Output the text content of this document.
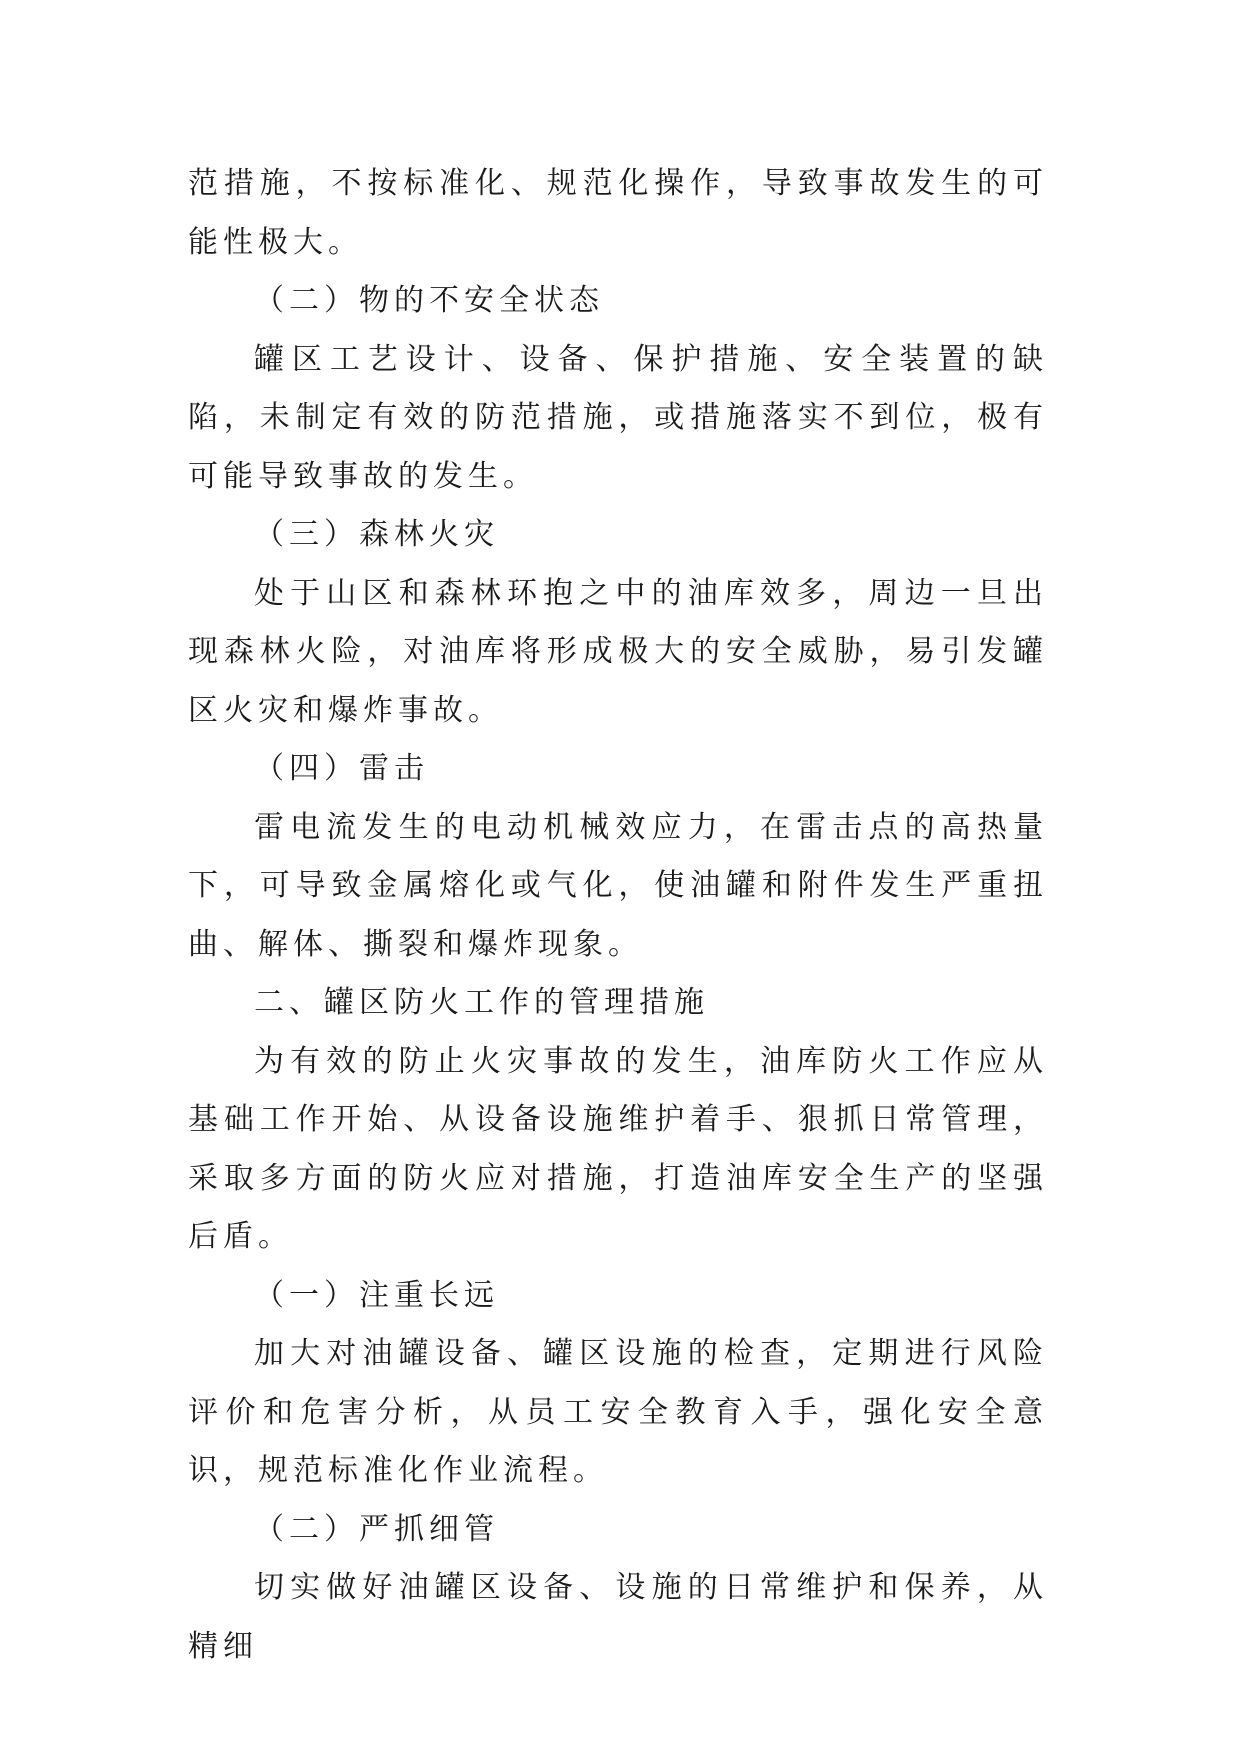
范措施，不按标准化、规范化操作，导致事故发生的可能性极大。

（二）物的不安全状态

罐区工艺设计、设备、保护措施、安全装置的缺陷，未制定有效的防范措施，或措施落实不到位，极有可能导致事故的发生。

（三）森林火灾

处于山区和森林环抱之中的油库效多，周边一旦出现森林火险，对油库将形成极大的安全威胁，易引发罐区火灾和爆炸事故。

（四）雷击

雷电流发生的电动机械效应力，在雷击点的高热量下，可导致金属熔化或气化，使油罐和附件发生严重扭曲、解体、撕裂和爆炸现象。

二、罐区防火工作的管理措施

为有效的防止火灾事故的发生，油库防火工作应从基础工作开始、从设备设施维护着手、狠抓日常管理，采取多方面的防火应对措施，打造油库安全生产的坚强后盾。

（一）注重长远

加大对油罐设备、罐区设施的检查，定期进行风险评价和危害分析，从员工安全教育入手，强化安全意识，规范标准化作业流程。

（二）严抓细管

切实做好油罐区设备、设施的日常维护和保养，从精细
